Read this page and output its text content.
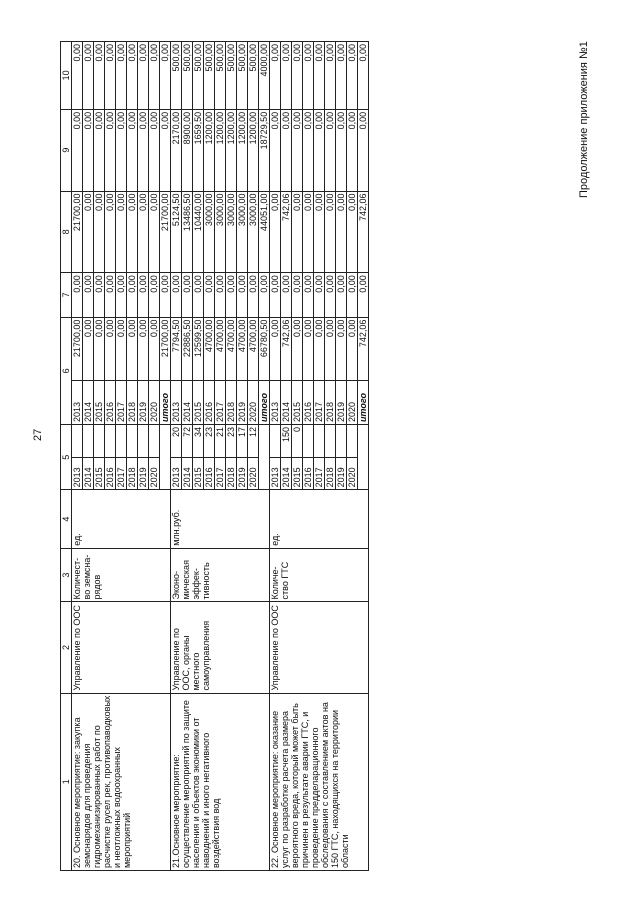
27
Продолжение приложения №1
1	2	3	4	5		6		7	8	9	10
20. Основное мероприятие: закупка земснарядов для проведения гидромеханизированных работ по расчистке русел рек, противопаводковых и неотложных водоохранных мероприятий	Управление по ООС	Количест-во земсна-рядов	ед.	2013		2013	21700,00	0,00	21700,00	0,00	0,00
				2014		2014	0,00	0,00	0,00	0,00	0,00
				2015		2015	0,00	0,00	0,00	0,00	0,00
				2016		2016	0,00	0,00	0,00	0,00	0,00
				2017		2017	0,00	0,00	0,00	0,00	0,00
				2018		2018	0,00	0,00	0,00	0,00	0,00
				2019		2019	0,00	0,00	0,00	0,00	0,00
				2020		2020	0,00	0,00	0,00	0,00	0,00
						итого	21700,00	0,00	21700,00	0,00	0,00
21.Основное мероприятие: осуществление мероприятий по защите населения и объектов экономики от наводнений и иного негативного воздействия вод	Управление по ООС, органы местного самоуправления	Эконо-мическая эффек-тивность	млн.руб.	2013	20	2013	7794,50	0,00	5124,50	2170,00	500,00
				2014	72	2014	22886,50	0,00	13486,50	8900,00	500,00
				2015	34	2015	12599,50	0,00	10440,00	1659,50	500,00
				2016	23	2016	4700,00	0,00	3000,00	1200,00	500,00
				2017	21	2017	4700,00	0,00	3000,00	1200,00	500,00
				2018	23	2018	4700,00	0,00	3000,00	1200,00	500,00
				2019	17	2019	4700,00	0,00	3000,00	1200,00	500,00
				2020	12	2020	4700,00	0,00	3000,00	1200,00	500,00
						итого	66780,50	0,00	44051,00	18729,50	4000,00
22. Основное мероприятие: оказание услуг по разработке расчета размера вероятного вреда, который может быть причинен в результате аварии ГТС, и проведение предделарационного обследования с составлением актов на 150 ГТС, находящихся на территории области	Управление по ООС	Количе-ство ГТС	ед.	2013		2013	0,00	0,00	0,00	0,00	0,00
				2014	150	2014	742,06	0,00	742,06	0,00	0,00
				2015	0	2015	0,00	0,00	0,00	0,00	0,00
				2016		2016	0,00	0,00	0,00	0,00	0,00
				2017		2017	0,00	0,00	0,00	0,00	0,00
				2018		2018	0,00	0,00	0,00	0,00	0,00
				2019		2019	0,00	0,00	0,00	0,00	0,00
				2020		2020	0,00	0,00	0,00	0,00	0,00
						итого	742,06	0,00	742,06	0,00	0,00
